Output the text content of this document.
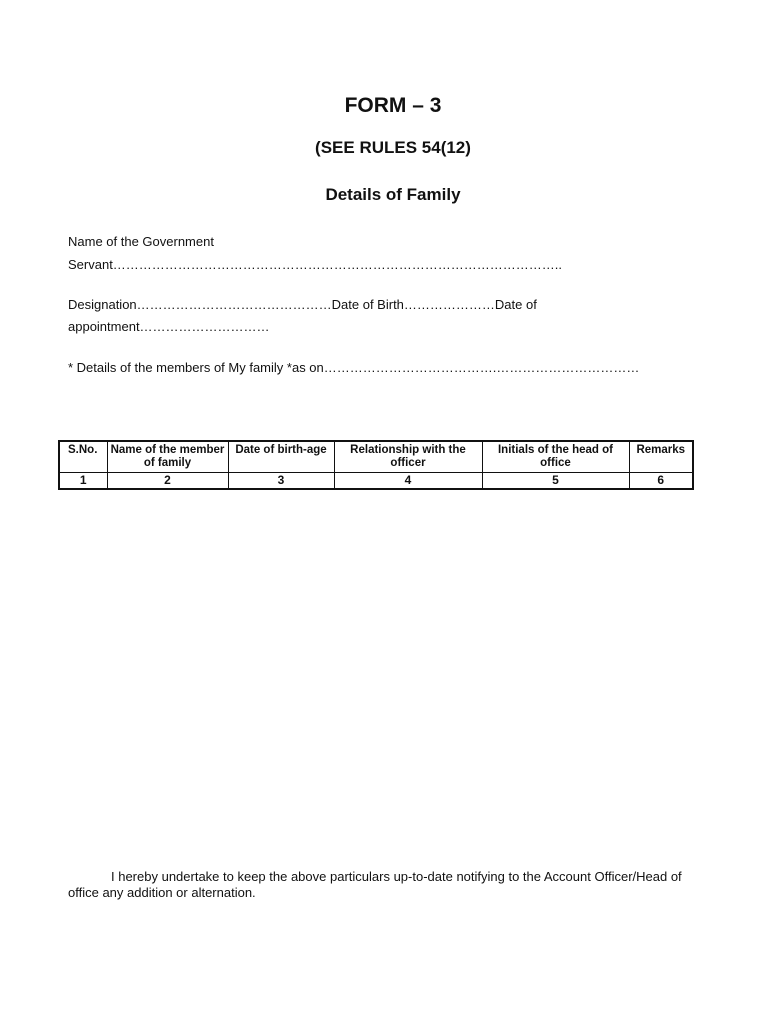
FORM – 3
(SEE RULES 54(12)
Details of Family

Name of the Government

Servant…………………………………………………………………………………………..

Designation………………………………………Date of Birth…………………Date of

appointment…………………………

* Details of the members of My family *as on………………………………….……………………………

S.No.	Name of the member of family	Date of birth-age	Relationship with the officer	Initials of the head of office	Remarks
1	2	3	4	5	6

I hereby undertake to keep the above particulars up-to-date notifying to the Account Officer/Head of office any addition or alternation.
